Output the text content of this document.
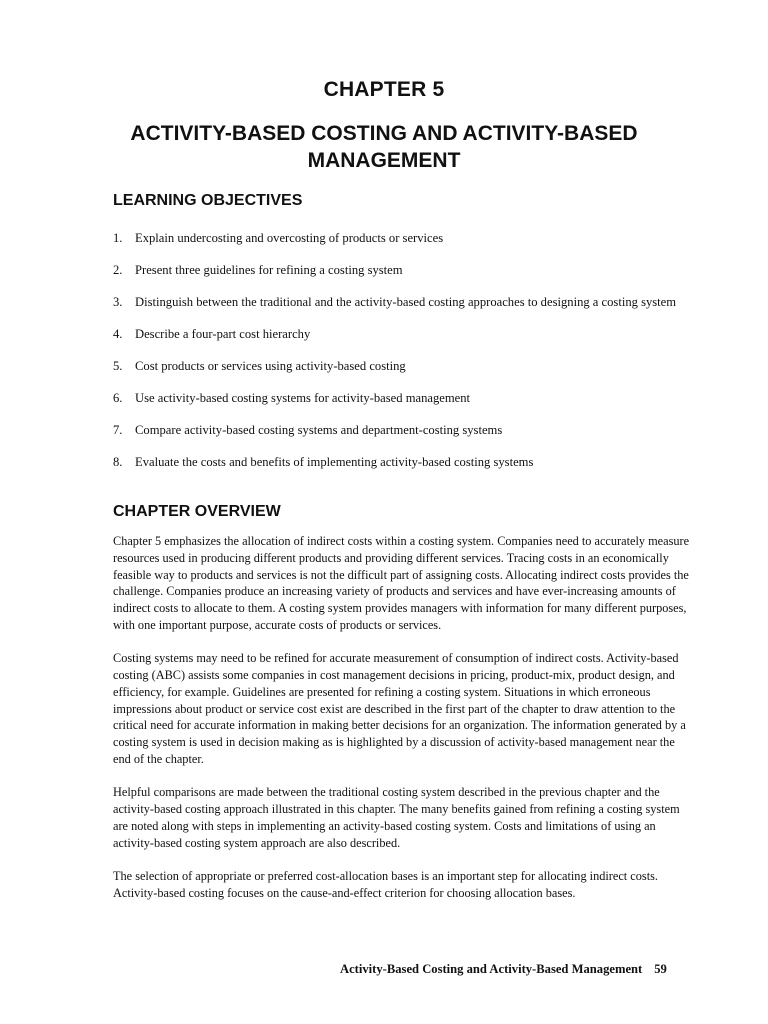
CHAPTER 5
ACTIVITY-BASED COSTING AND ACTIVITY-BASED MANAGEMENT
LEARNING OBJECTIVES
1. Explain undercosting and overcosting of products or services
2. Present three guidelines for refining a costing system
3. Distinguish between the traditional and the activity-based costing approaches to designing a costing system
4. Describe a four-part cost hierarchy
5. Cost products or services using activity-based costing
6. Use activity-based costing systems for activity-based management
7. Compare activity-based costing systems and department-costing systems
8. Evaluate the costs and benefits of implementing activity-based costing systems
CHAPTER OVERVIEW

Chapter 5 emphasizes the allocation of indirect costs within a costing system. Companies need to accurately measure resources used in producing different products and providing different services. Tracing costs in an economically feasible way to products and services is not the difficult part of assigning costs. Allocating indirect costs provides the challenge. Companies produce an increasing variety of products and services and have ever-increasing amounts of indirect costs to allocate to them. A costing system provides managers with information for many different purposes, with one important purpose, accurate costs of products or services.

Costing systems may need to be refined for accurate measurement of consumption of indirect costs. Activity-based costing (ABC) assists some companies in cost management decisions in pricing, product-mix, product design, and efficiency, for example. Guidelines are presented for refining a costing system. Situations in which erroneous impressions about product or service cost exist are described in the first part of the chapter to draw attention to the critical need for accurate information in making better decisions for an organization. The information generated by a costing system is used in decision making as is highlighted by a discussion of activity-based management near the end of the chapter.

Helpful comparisons are made between the traditional costing system described in the previous chapter and the activity-based costing approach illustrated in this chapter. The many benefits gained from refining a costing system are noted along with steps in implementing an activity-based costing system. Costs and limitations of using an activity-based costing system approach are also described.

The selection of appropriate or preferred cost-allocation bases is an important step for allocating indirect costs. Activity-based costing focuses on the cause-and-effect criterion for choosing allocation bases.

Activity-Based Costing and Activity-Based Management 59
